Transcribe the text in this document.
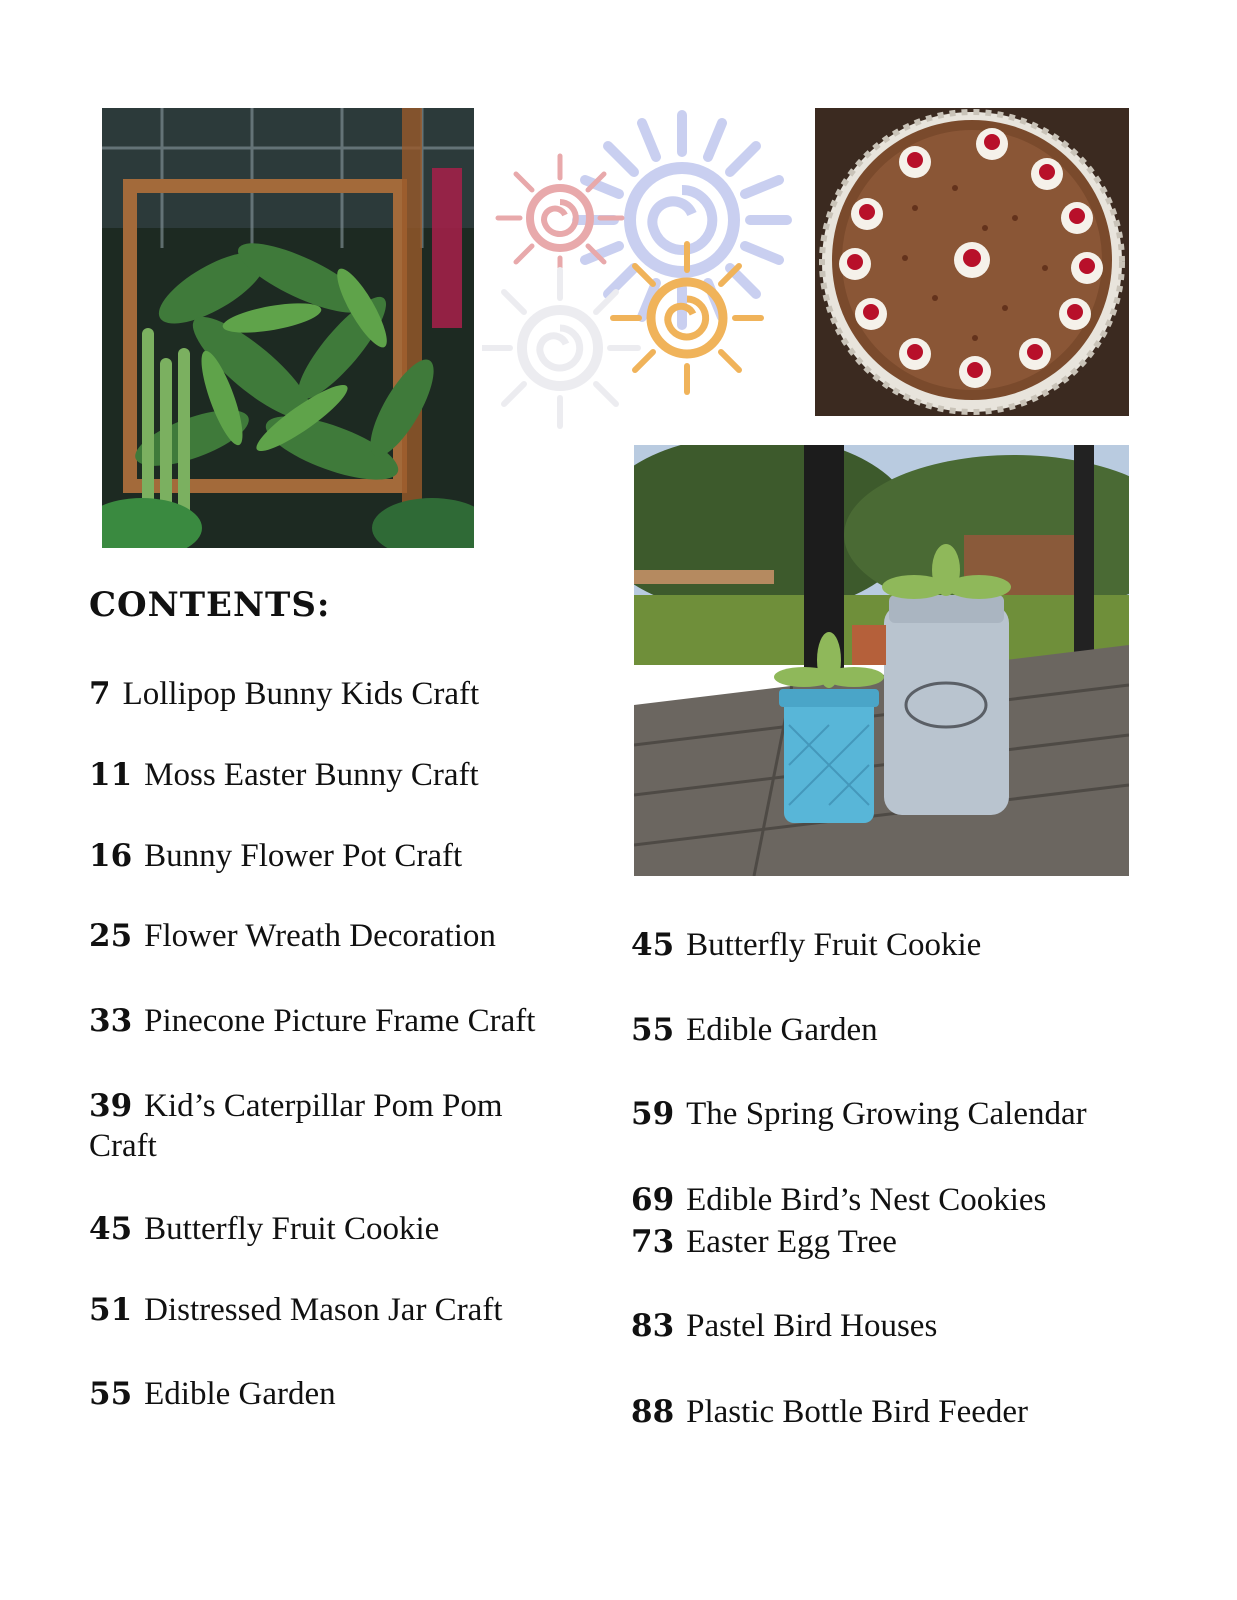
CONTENTS:

7 Lollipop Bunny Kids Craft

11 Moss Easter Bunny Craft

16 Bunny Flower Pot Craft

25 Flower Wreath Decoration

33 Pinecone Picture Frame Craft

39 Kid’s Caterpillar Pom Pom Craft

45 Butterfly Fruit Cookie

51 Distressed Mason Jar Craft

55 Edible Garden

45 Butterfly Fruit Cookie

55 Edible Garden

59 The Spring Growing Calendar

69 Edible Bird’s Nest Cookies

73 Easter Egg Tree

83 Pastel Bird Houses

88 Plastic Bottle Bird Feeder
